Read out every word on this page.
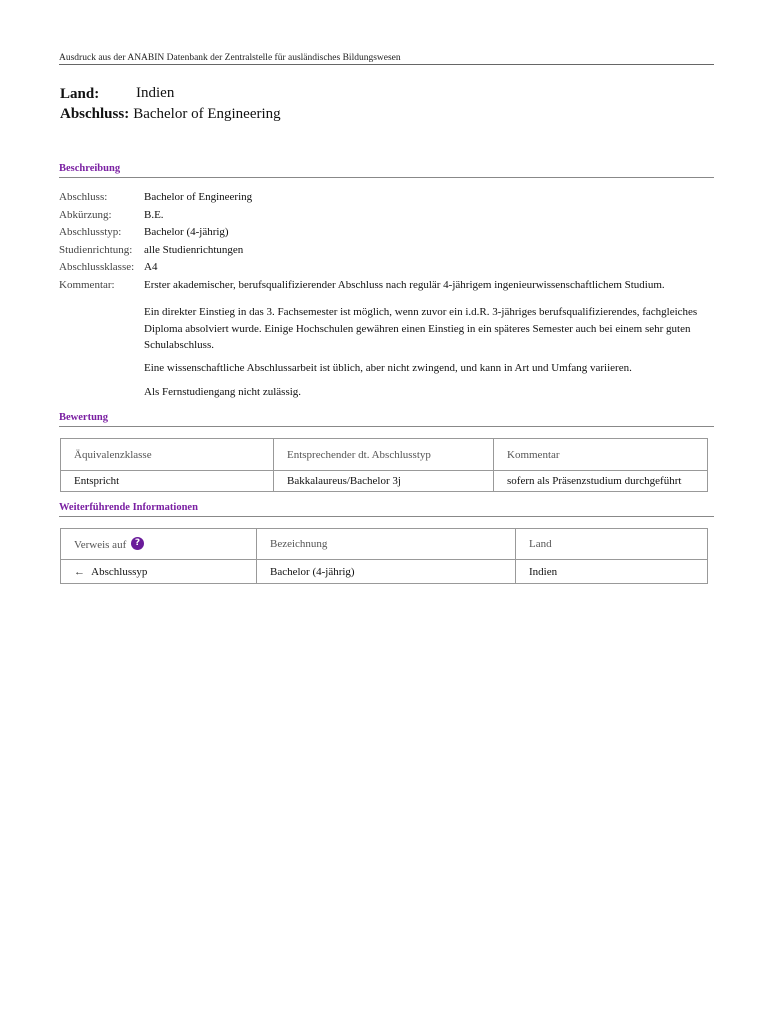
Ausdruck aus der ANABIN Datenbank der Zentralstelle für ausländisches Bildungswesen
Land: Indien
Abschluss: Bachelor of Engineering
Beschreibung
Abschluss:	Bachelor of Engineering
Abkürzung:	B.E.
Abschlusstyp:	Bachelor (4-jährig)
Studienrichtung:	alle Studienrichtungen
Abschlussklasse: A4
Kommentar:	Erster akademischer, berufsqualifizierender Abschluss nach regulär 4-jährigem ingenieurwissenschaftlichem Studium.
Ein direkter Einstieg in das 3. Fachsemester ist möglich, wenn zuvor ein i.d.R. 3-jähriges berufsqualifizierendes, fachgleiches Diploma absolviert wurde. Einige Hochschulen gewähren einen Einstieg in ein späteres Semester auch bei einem sehr guten Schulabschluss.
Eine wissenschaftliche Abschlussarbeit ist üblich, aber nicht zwingend, und kann in Art und Umfang variieren.
Als Fernstudiengang nicht zulässig.
Bewertung
Äquivalenzklasse	Entsprechender dt. Abschlusstyp	Kommentar
Entspricht	Bakkalaureus/Bachelor 3j	sofern als Präsenzstudium durchgeführt
Weiterführende Informationen
Verweis auf ?	Bezeichnung	Land
← Abschlussyp	Bachelor (4-jährig)	Indien
